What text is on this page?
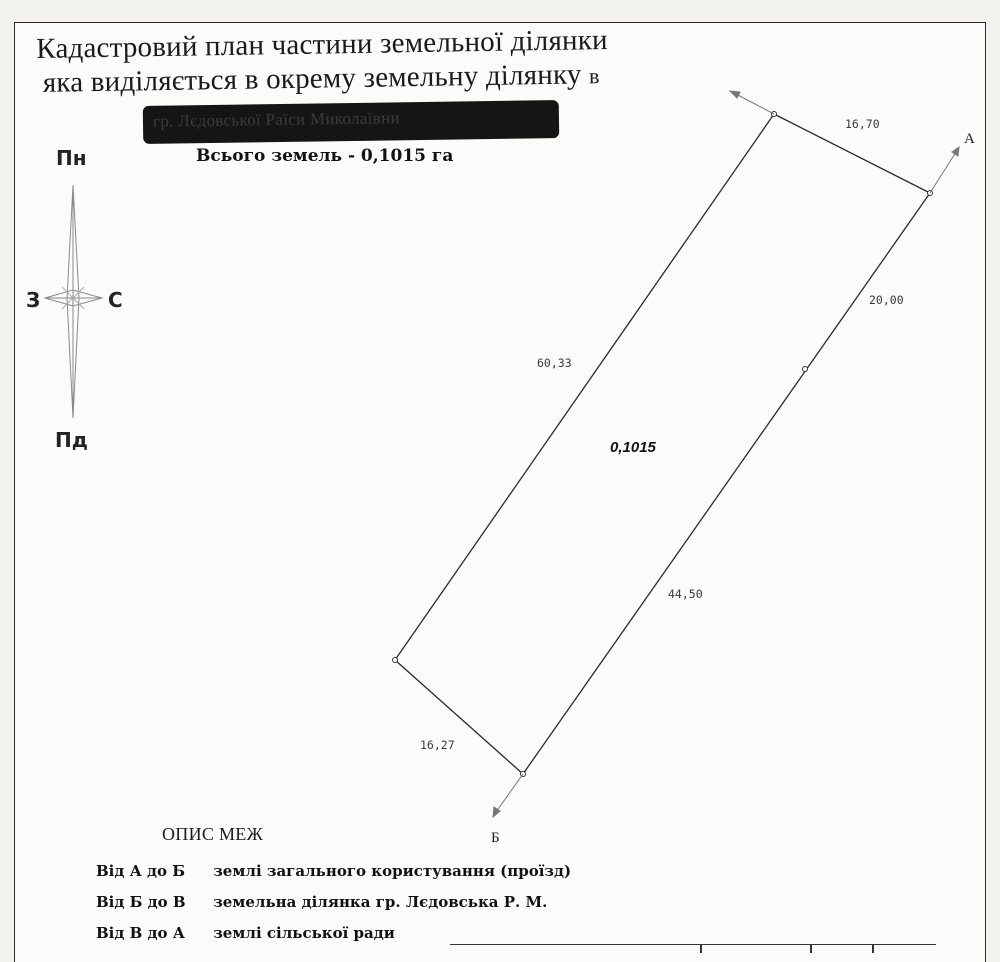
Кадастровий план частини земельної ділянки
яка виділяється в окрему земельну ділянку в
гр. Лєдовської Раїси Миколаївни
Всього земель - 0,1015 га
Пн
Пд
З	С
А
Б
16,70
60,33
20,00
44,50
16,27
0,1015
ОПИС МЕЖ
Від А до Б землі загального користування (проїзд)
Від Б до В земельна ділянка гр. Лєдовська Р. М.
Від В до А землі сільської ради
